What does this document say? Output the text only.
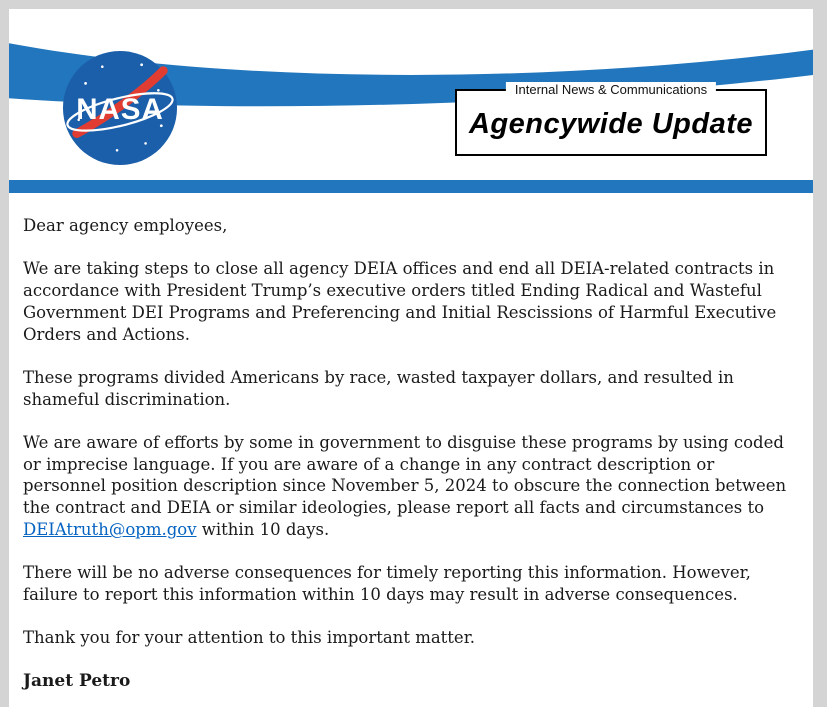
NASA
Internal News & Communications
Agencywide Update

Dear agency employees,

We are taking steps to close all agency DEIA offices and end all DEIA-related contracts in accordance with President Trump’s executive orders titled Ending Radical and Wasteful Government DEI Programs and Preferencing and Initial Rescissions of Harmful Executive Orders and Actions.

These programs divided Americans by race, wasted taxpayer dollars, and resulted in shameful discrimination.

We are aware of efforts by some in government to disguise these programs by using coded or imprecise language. If you are aware of a change in any contract description or personnel position description since November 5, 2024 to obscure the connection between the contract and DEIA or similar ideologies, please report all facts and circumstances to DEIAtruth@opm.gov within 10 days.

There will be no adverse consequences for timely reporting this information. However, failure to report this information within 10 days may result in adverse consequences.

Thank you for your attention to this important matter.

Janet Petro
